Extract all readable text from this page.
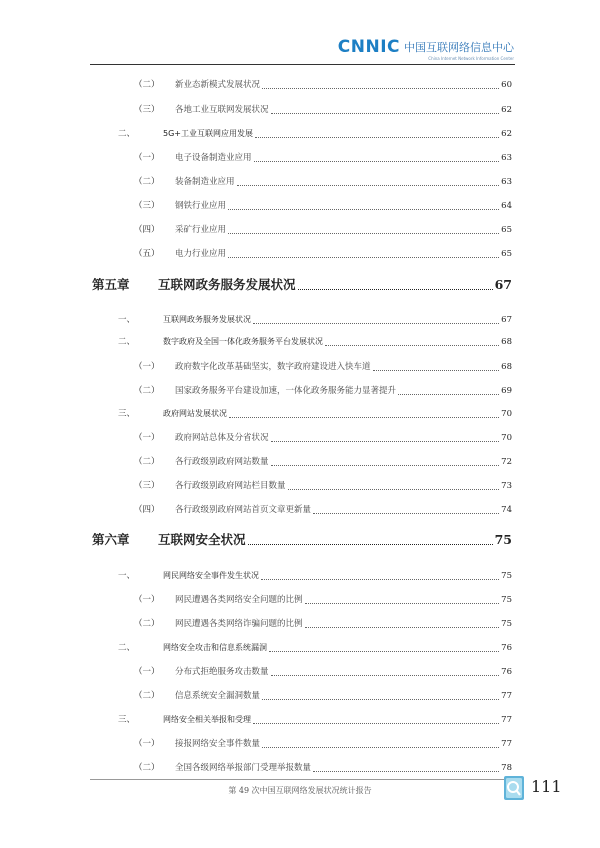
CNNIC 中国互联网络信息中心
China Internet Network Information Center
（二） 新业态新模式发展状况	60
（三） 各地工业互联网发展状况	62
二、	5G+工业互联网应用发展	62
（一） 电子设备制造业应用	63
（二） 装备制造业应用	63
（三） 钢铁行业应用	64
（四） 采矿行业应用	65
（五） 电力行业应用	65
第五章 互联网政务服务发展状况	67
一、	互联网政务服务发展状况	67
二、	数字政府及全国一体化政务服务平台发展状况	68
（一） 政府数字化改革基础坚实，数字政府建设进入快车道	68
（二） 国家政务服务平台建设加速，一体化政务服务能力显著提升	69
三、	政府网站发展状况	70
（一） 政府网站总体及分省状况	70
（二） 各行政级别政府网站数量	72
（三） 各行政级别政府网站栏目数量	73
（四） 各行政级别政府网站首页文章更新量	74
第六章 互联网安全状况	75
一、	网民网络安全事件发生状况	75
（一） 网民遭遇各类网络安全问题的比例	75
（二） 网民遭遇各类网络诈骗问题的比例	75
二、	网络安全攻击和信息系统漏洞	76
（一） 分布式拒绝服务攻击数量	76
（二） 信息系统安全漏洞数量	77
三、	网络安全相关举报和受理	77
（一） 接报网络安全事件数量	77
（二） 全国各级网络举报部门受理举报数量	78
第 49 次中国互联网络发展状况统计报告	111
